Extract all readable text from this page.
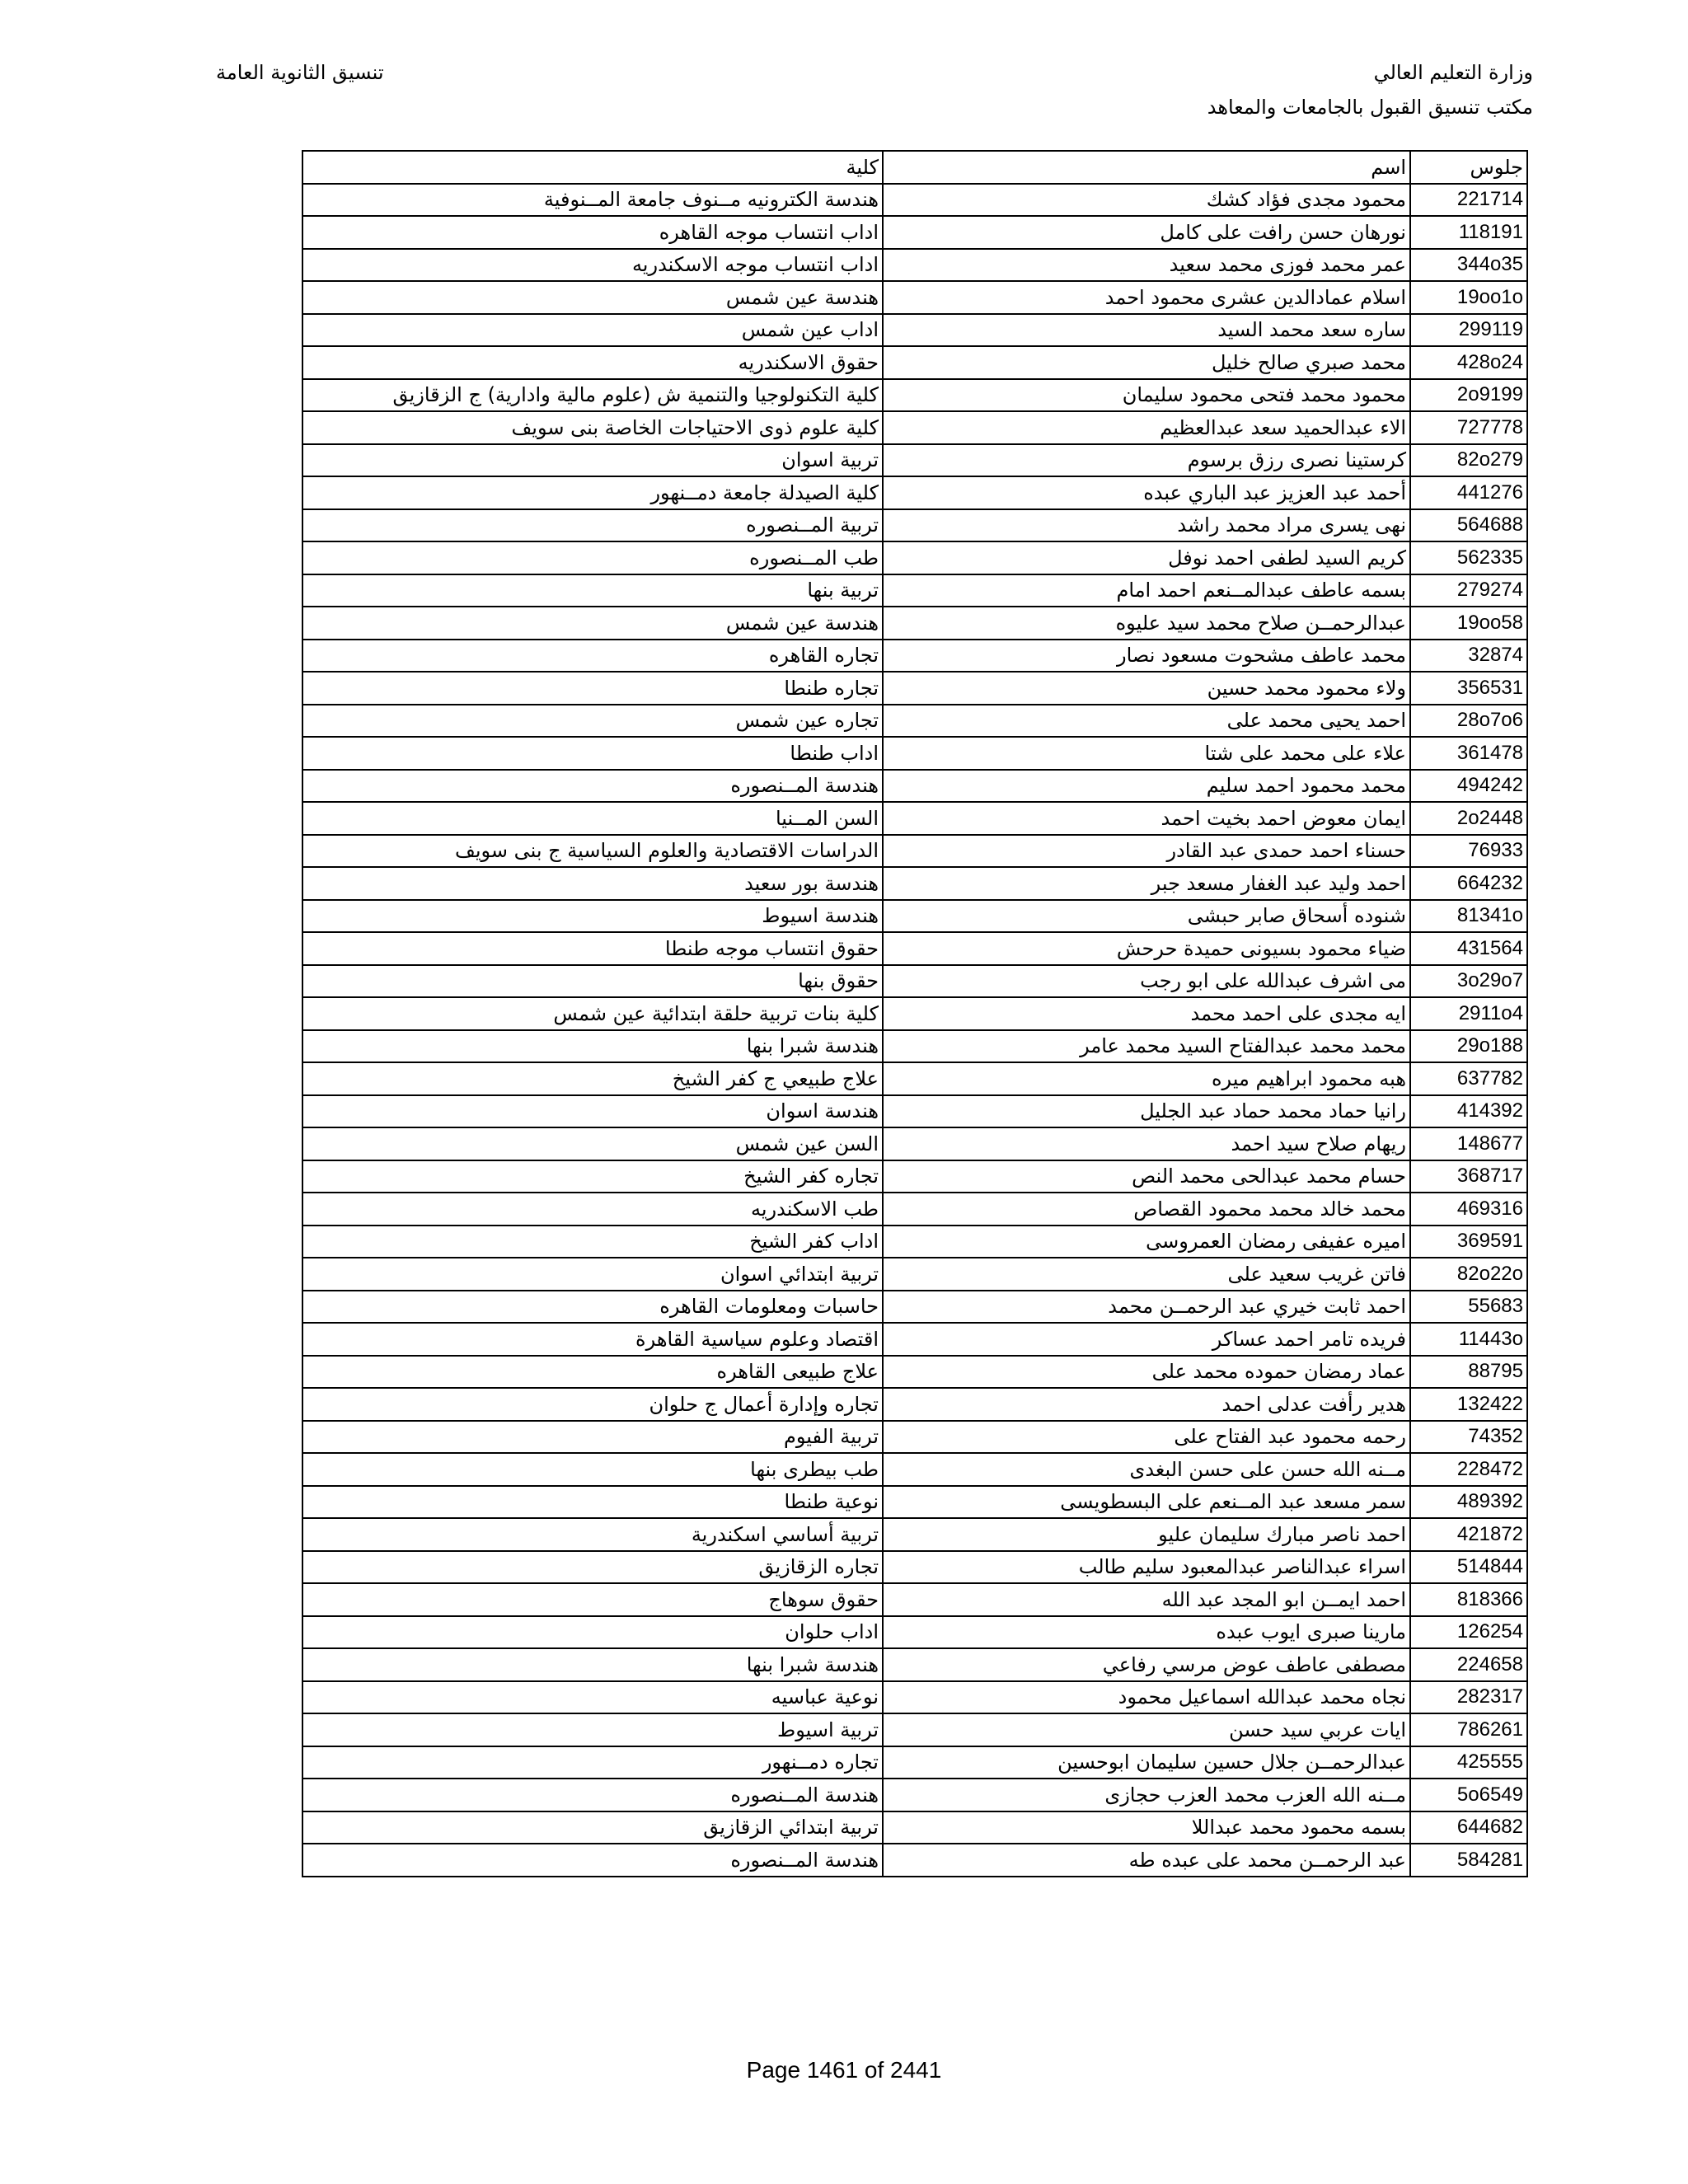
وزارة التعليم العالي
مكتب تنسيق القبول بالجامعات والمعاهد
تنسيق الثانوية العامة
جلوس	اسم	كلية
221714	محمود مجدى فؤاد كشك	هندسة الكترونيه مــنوف جامعة المــنوفية
118191	نورهان حسن رافت على كامل	اداب انتساب موجه القاهره
344o35	عمر محمد فوزى محمد سعيد	اداب انتساب موجه الاسكندريه
19oo1o	اسلام عمادالدين عشرى محمود احمد	هندسة عين شمس
299119	ساره سعد محمد السيد	اداب عين شمس
428o24	محمد صبري صالح خليل	حقوق الاسكندريه
2o9199	محمود محمد فتحى محمود سليمان	كلية التكنولوجيا والتنمية ش (علوم مالية وادارية) ج الزقازيق
727778	الاء عبدالحميد سعد عبدالعظيم	كلية علوم ذوى الاحتياجات الخاصة بنى سويف
82o279	كرستينا نصرى رزق برسوم	تربية اسوان
441276	أحمد عبد العزيز عبد الباري عبده	كلية الصيدلة جامعة دمــنهور
564688	نهى يسرى مراد محمد راشد	تربية المــنصوره
562335	كريم السيد لطفى احمد نوفل	طب المــنصوره
279274	بسمه عاطف عبدالمــنعم احمد امام	تربية بنها
19oo58	عبدالرحمــن صلاح محمد سيد عليوه	هندسة عين شمس
32874	محمد عاطف مشحوت مسعود نصار	تجاره القاهره
356531	ولاء محمود محمد حسين	تجاره طنطا
28o7o6	احمد يحيى محمد على	تجاره عين شمس
361478	علاء على محمد على شتا	اداب طنطا
494242	محمد محمود احمد سليم	هندسة المــنصوره
2o2448	ايمان معوض احمد بخيت احمد	السن المــنيا
76933	حسناء احمد حمدى عبد القادر	الدراسات الاقتصادية والعلوم السياسية ج بنى سويف
664232	احمد وليد عبد الغفار مسعد جبر	هندسة بور سعيد
81341o	شنوده أسحاق صابر حبشى	هندسة اسيوط
431564	ضياء محمود بسيونى حميدة حرحش	حقوق انتساب موجه طنطا
3o29o7	مى اشرف عبدالله على ابو رجب	حقوق بنها
2911o4	ايه مجدى على احمد محمد	كلية بنات تربية حلقة ابتدائية عين شمس
29o188	محمد محمد عبدالفتاح السيد محمد عامر	هندسة شبرا بنها
637782	هبه محمود ابراهيم ميره	علاج طبيعي ج كفر الشيخ
414392	رانيا حماد محمد حماد عبد الجليل	هندسة اسوان
148677	ريهام صلاح سيد احمد	السن عين شمس
368717	حسام محمد عبدالحى محمد النص	تجاره كفر الشيخ
469316	محمد خالد محمد محمود القصاص	طب الاسكندريه
369591	اميره عفيفى رمضان العمروسى	اداب كفر الشيخ
82o22o	فاتن غريب سعيد على	تربية ابتدائي اسوان
55683	احمد ثابت خيري عبد الرحمــن محمد	حاسبات ومعلومات القاهره
11443o	فريده تامر احمد عساكر	اقتصاد وعلوم سياسية القاهرة
88795	عماد رمضان حموده محمد على	علاج طبيعى القاهره
132422	هدير رأفت عدلى احمد	تجاره وإدارة أعمال ج حلوان
74352	رحمه محمود عبد الفتاح على	تربية الفيوم
228472	مــنه الله حسن على حسن البغدى	طب بيطرى بنها
489392	سمر مسعد عبد المــنعم على البسطويسى	نوعية طنطا
421872	احمد ناصر مبارك سليمان عليو	تربية أساسي اسكندرية
514844	اسراء عبدالناصر عبدالمعبود سليم طالب	تجاره الزقازيق
818366	احمد ايمــن ابو المجد عبد الله	حقوق سوهاج
126254	مارينا صبرى ايوب عبده	اداب حلوان
224658	مصطفى عاطف عوض مرسي رفاعي	هندسة شبرا بنها
282317	نجاه محمد عبدالله اسماعيل محمود	نوعية عباسيه
786261	ايات عربي سيد حسن	تربية اسيوط
425555	عبدالرحمــن جلال حسين سليمان ابوحسين	تجاره دمــنهور
5o6549	مــنه الله العزب محمد العزب حجازى	هندسة المــنصوره
644682	بسمه محمود محمد عبداللا	تربية ابتدائي الزقازيق
584281	عبد الرحمــن محمد على عبده طه	هندسة المــنصوره
Page 1461 of 2441
